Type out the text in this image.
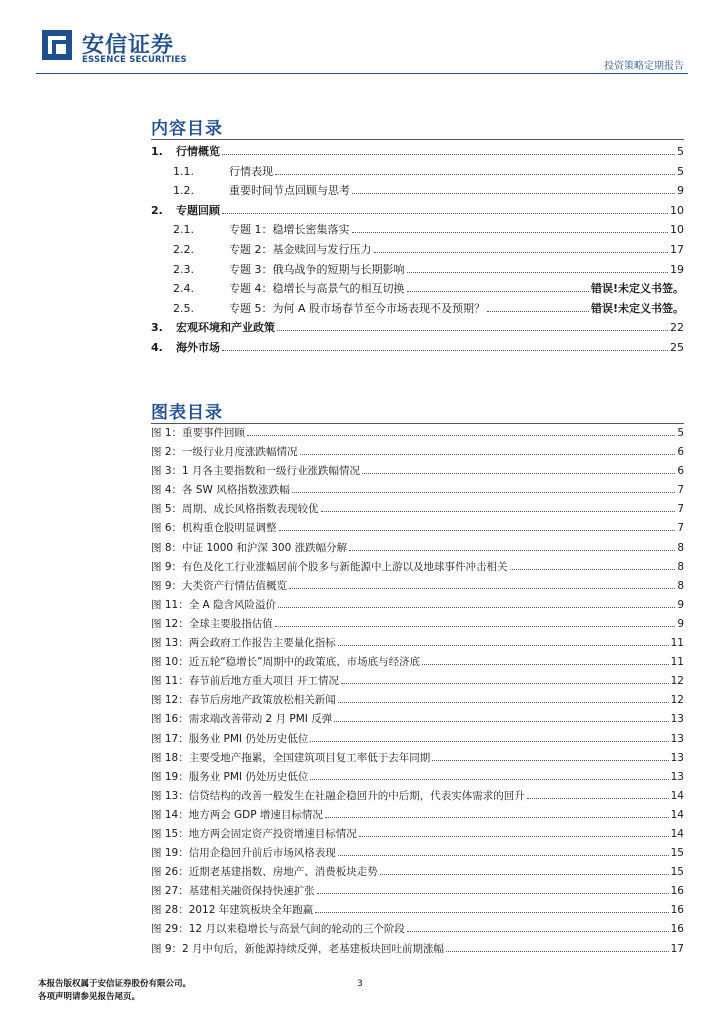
安信证券
ESSENCE SECURITIES
投资策略定期报告
内容目录
1.	行情概览	5
1.1.	行情表现	5
1.2.	重要时间节点回顾与思考	9
2.	专题回顾	10
2.1.	专题 1：稳增长密集落实	10
2.2.	专题 2：基金赎回与发行压力	17
2.3.	专题 3：俄乌战争的短期与长期影响	19
2.4.	专题 4：稳增长与高景气的相互切换	错误!未定义书签。
2.5.	专题 5：为何 A 股市场春节至今市场表现不及预期？	错误!未定义书签。
3.	宏观环境和产业政策	22
4.	海外市场	25
图表目录
图 1：重要事件回顾	5
图 2：一级行业月度涨跌幅情况	6
图 3：1 月各主要指数和一级行业涨跌幅情况	6
图 4：各 SW 风格指数涨跌幅	7
图 5：周期、成长风格指数表现较优	7
图 6：机构重仓股明显调整	7
图 8：中证 1000 和沪深 300 涨跌幅分解	8
图 9：有色及化工行业涨幅居前个股多与新能源中上游以及地球事件冲击相关	8
图 9：大类资产行情估值概览	8
图 11：全 A 隐含风险溢价	9
图 12：全球主要股指估值	9
图 13：两会政府工作报告主要量化指标	11
图 10：近五轮“稳增长”周期中的政策底、市场底与经济底	11
图 11：春节前后地方重大项目 开工情况	12
图 12：春节后房地产政策放松相关新闻	12
图 16：需求端改善带动 2 月 PMI 反弹	13
图 17：服务业 PMI 仍处历史低位	13
图 18：主要受地产拖累，全国建筑项目复工率低于去年同期	13
图 19：服务业 PMI 仍处历史低位	13
图 13：信贷结构的改善一般发生在社融企稳回升的中后期，代表实体需求的回升	14
图 14：地方两会 GDP 增速目标情况	14
图 15：地方两会固定资产投资增速目标情况	14
图 19：信用企稳回升前后市场风格表现	15
图 26：近期老基建指数、房地产、消费板块走势	15
图 27：基建相关融资保持快速扩张	16
图 28：2012 年建筑板块全年跑赢	16
图 29：12 月以来稳增长与高景气间的轮动的三个阶段	16
图 9：2 月中旬后，新能源持续反弹，老基建板块回吐前期涨幅	17
本报告版权属于安信证券股份有限公司。
各项声明请参见报告尾页。
3
